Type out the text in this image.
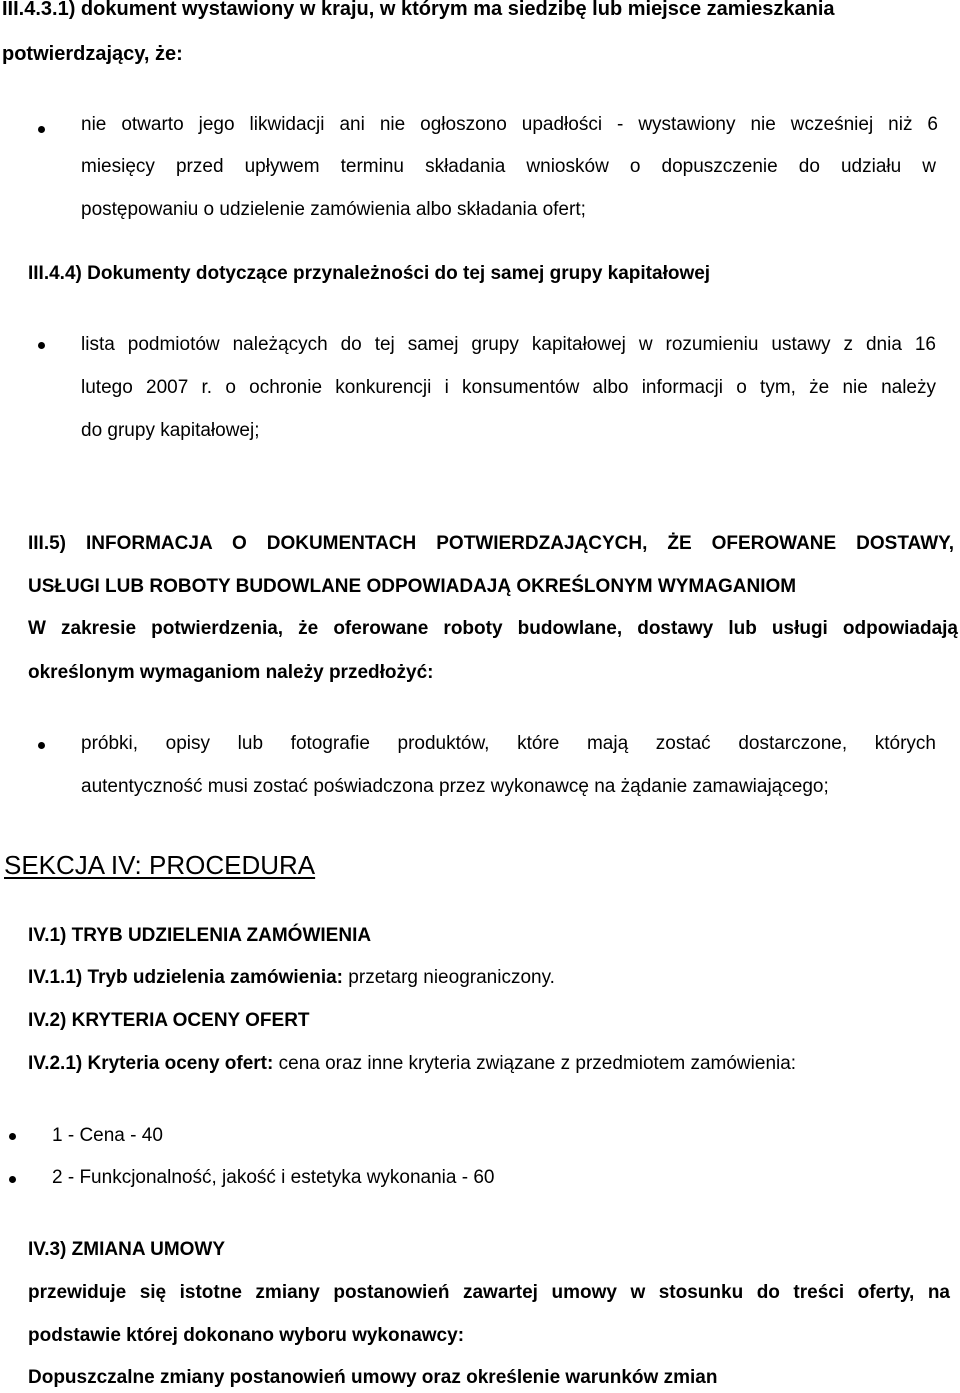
III.4.3.1) dokument wystawiony w kraju, w którym ma siedzibę lub miejsce zamieszkania
potwierdzający, że:
nie otwarto jego likwidacji ani nie ogłoszono upadłości - wystawiony nie wcześniej niż 6
miesięcy przed upływem terminu składania wniosków o dopuszczenie do udziału w
postępowaniu o udzielenie zamówienia albo składania ofert;
III.4.4) Dokumenty dotyczące przynależności do tej samej grupy kapitałowej
lista podmiotów należących do tej samej grupy kapitałowej w rozumieniu ustawy z dnia 16
lutego 2007 r. o ochronie konkurencji i konsumentów albo informacji o tym, że nie należy
do grupy kapitałowej;
III.5) INFORMACJA O DOKUMENTACH POTWIERDZAJĄCYCH, ŻE OFEROWANE DOSTAWY,
USŁUGI LUB ROBOTY BUDOWLANE ODPOWIADAJĄ OKREŚLONYM WYMAGANIOM
W zakresie potwierdzenia, że oferowane roboty budowlane, dostawy lub usługi odpowiadają
określonym wymaganiom należy przedłożyć:
próbki, opisy lub fotografie produktów, które mają zostać dostarczone, których
autentyczność musi zostać poświadczona przez wykonawcę na żądanie zamawiającego;
SEKCJA IV: PROCEDURA
IV.1) TRYB UDZIELENIA ZAMÓWIENIA
IV.1.1) Tryb udzielenia zamówienia: przetarg nieograniczony.
IV.2) KRYTERIA OCENY OFERT
IV.2.1) Kryteria oceny ofert: cena oraz inne kryteria związane z przedmiotem zamówienia:
1 - Cena - 40
2 - Funkcjonalność, jakość i estetyka wykonania - 60
IV.3) ZMIANA UMOWY
przewiduje się istotne zmiany postanowień zawartej umowy w stosunku do treści oferty, na
podstawie której dokonano wyboru wykonawcy:
Dopuszczalne zmiany postanowień umowy oraz określenie warunków zmian
